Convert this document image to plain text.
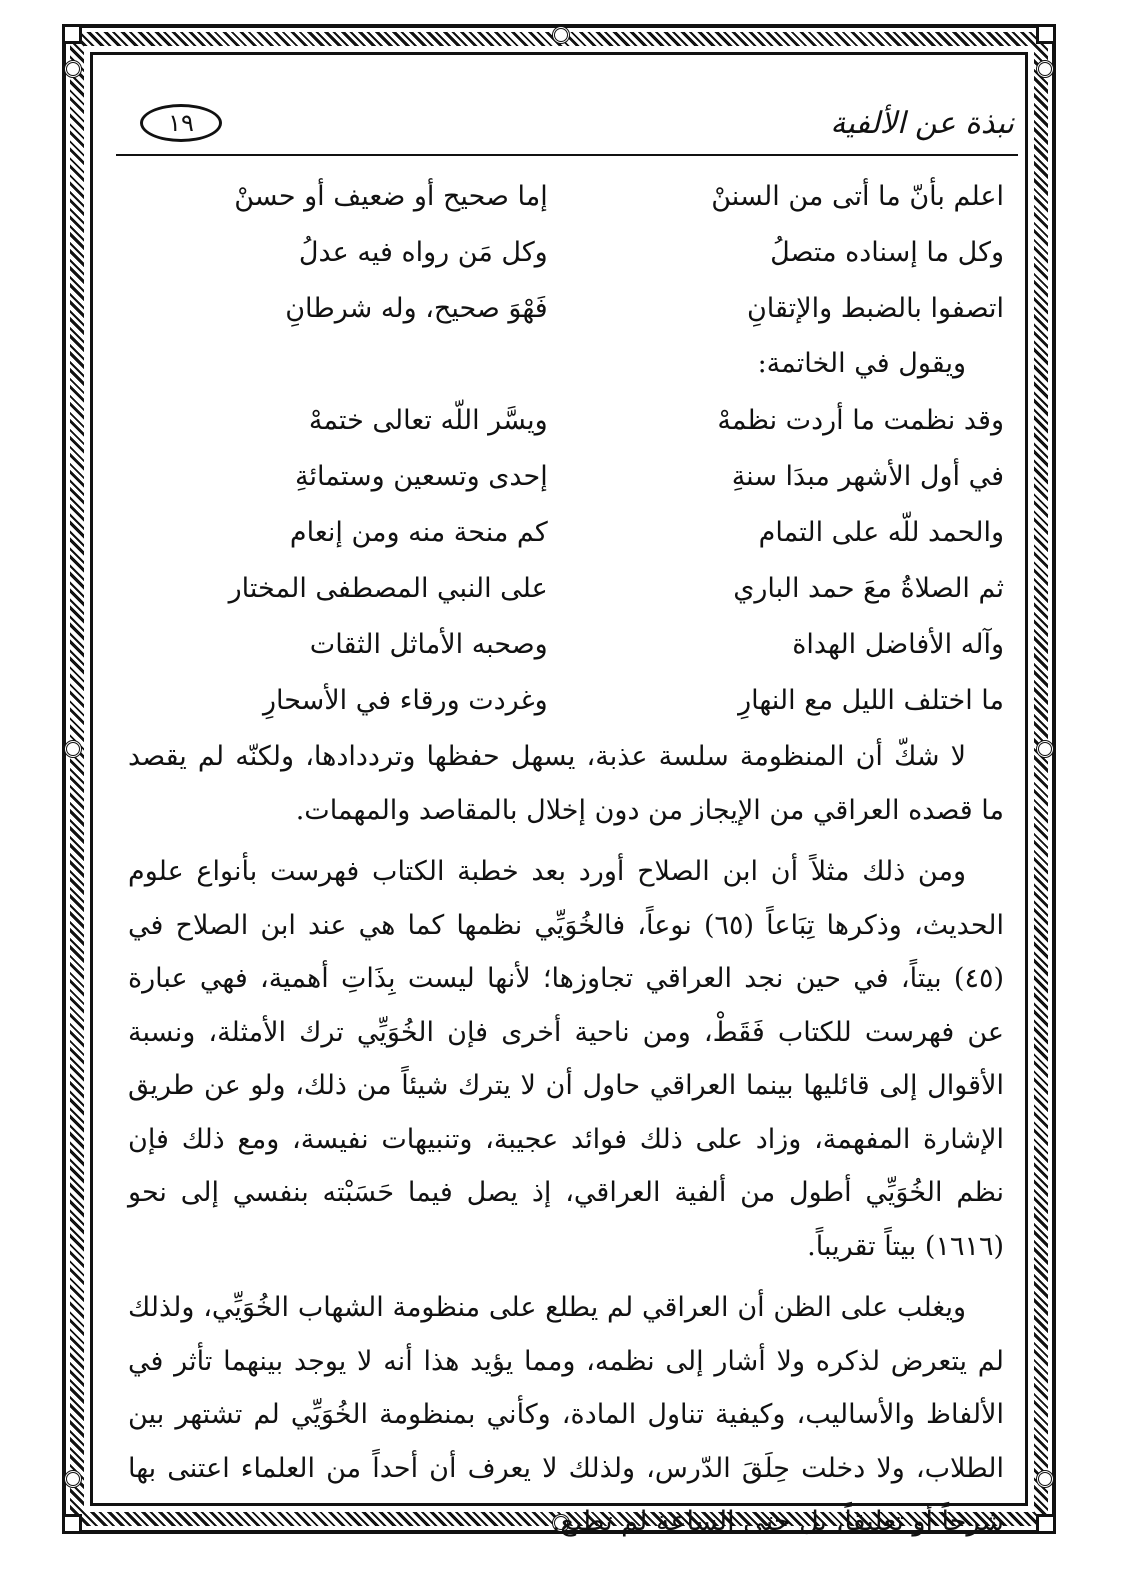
نبذة عن الألفية
١٩
اعلم بأنّ ما أتى من السننْ
إما صحيح أو ضعيف أو حسنْ
وكل ما إسناده متصلُ
وكل مَن رواه فيه عدلُ
اتصفوا بالضبط والإتقانِ
فَهْوَ صحيح، وله شرطانِ
ويقول في الخاتمة:
وقد نظمت ما أردت نظمهْ
ويسَّر اللّه تعالى ختمهْ
في أول الأشهر مبدَا سنةِ
إحدى وتسعين وستمائةِ
والحمد للّه على التمام
كم منحة منه ومن إنعام
ثم الصلاةُ معَ حمد الباري
على النبي المصطفى المختار
وآله الأفاضل الهداة
وصحبه الأماثل الثقات
ما اختلف الليل مع النهارِ
وغردت ورقاء في الأسحارِ

لا شكّ أن المنظومة سلسة عذبة، يسهل حفظها وترددادها، ولكنّه لم يقصد ما قصده العراقي من الإيجاز من دون إخلال بالمقاصد والمهمات.

ومن ذلك مثلاً أن ابن الصلاح أورد بعد خطبة الكتاب فهرست بأنواع علوم الحديث، وذكرها تِبَاعاً (٦٥) نوعاً، فالخُوَيِّي نظمها كما هي عند ابن الصلاح في (٤٥) بيتاً، في حين نجد العراقي تجاوزها؛ لأنها ليست بِذَاتِ أهمية، فهي عبارة عن فهرست للكتاب فَقَطْ، ومن ناحية أخرى فإن الخُوَيِّي ترك الأمثلة، ونسبة الأقوال إلى قائليها بينما العراقي حاول أن لا يترك شيئاً من ذلك، ولو عن طريق الإشارة المفهمة، وزاد على ذلك فوائد عجيبة، وتنبيهات نفيسة، ومع ذلك فإن نظم الخُوَيِّي أطول من ألفية العراقي، إذ يصل فيما حَسَبْته بنفسي إلى نحو (١٦١٦) بيتاً تقريباً.

ويغلب على الظن أن العراقي لم يطلع على منظومة الشهاب الخُوَيِّي، ولذلك لم يتعرض لذكره ولا أشار إلى نظمه، ومما يؤيد هذا أنه لا يوجد بينهما تأثر في الألفاظ والأساليب، وكيفية تناول المادة، وكأني بمنظومة الخُوَيِّي لم تشتهر بين الطلاب، ولا دخلت حِلَقَ الدّرس، ولذلك لا يعرف أن أحداً من العلماء اعتنى بها شرحاً أو تعليقاً، بل حتى الساعة لم تطبع.
